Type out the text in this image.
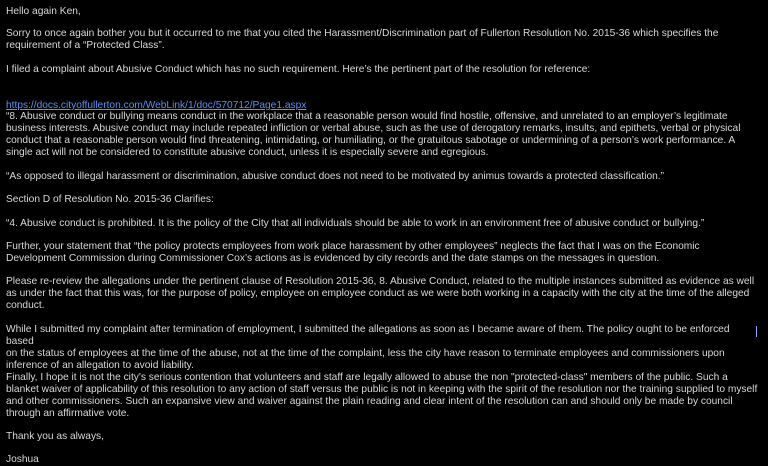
Hello again Ken,

Sorry to once again bother you but it occurred to me that you cited the Harassment/Discrimination part of Fullerton Resolution No. 2015-36 which specifies the
requirement of a “Protected Class”.

I filed a complaint about Abusive Conduct which has no such requirement. Here’s the pertinent part of the resolution for reference:

https://docs.cityoffullerton.com/WebLink/1/doc/570712/Page1.aspx

“8. Abusive conduct or bullying means conduct in the workplace that a reasonable person would find hostile, offensive, and unrelated to an employer’s legitimate
business interests. Abusive conduct may include repeated infliction or verbal abuse, such as the use of derogatory remarks, insults, and epithets, verbal or physical
conduct that a reasonable person would find threatening, intimidating, or humiliating, or the gratuitous sabotage or undermining of a person’s work performance. A
single act will not be considered to constitute abusive conduct, unless it is especially severe and egregious.

“As opposed to illegal harassment or discrimination, abusive conduct does not need to be motivated by animus towards a protected classification.”

Section D of Resolution No. 2015-36 Clarifies:

“4. Abusive conduct is prohibited. It is the policy of the City that all individuals should be able to work in an environment free of abusive conduct or bullying.”

Further, your statement that “the policy protects employees from work place harassment by other employees” neglects the fact that I was on the Economic
Development Commission during Commissioner Cox’s actions as is evidenced by city records and the date stamps on the messages in question.

Please re-review the allegations under the pertinent clause of Resolution 2015-36, 8. Abusive Conduct, related to the multiple instances submitted as evidence as well
as under the fact that this was, for the purpose of policy, employee on employee conduct as we were both working in a capacity with the city at the time of the alleged
conduct.

While I submitted my complaint after termination of employment, I submitted the allegations as soon as I became aware of them. The policy ought to be enforced based
on the status of employees at the time of the abuse, not at the time of the complaint, less the city have reason to terminate employees and commissioners upon
inference of an allegation to avoid liability.

Finally, I hope it is not the city's serious contention that volunteers and staff are legally allowed to abuse the non "protected-class" members of the public. Such a
blanket waiver of applicability of this resolution to any action of staff versus the public is not in keeping with the spirit of the resolution nor the training supplied to myself
and other commissioners. Such an expansive view and waiver against the plain reading and clear intent of the resolution can and should only be made by council
through an affirmative vote.

Thank you as always,

Joshua
